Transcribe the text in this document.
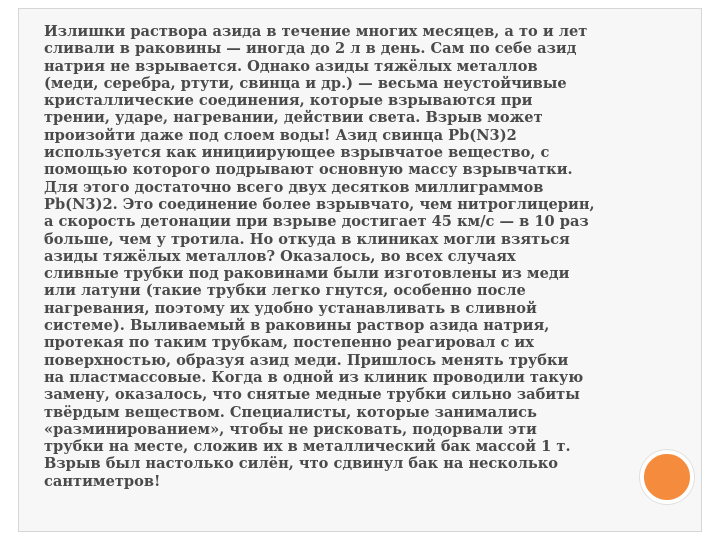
Излишки раствора азида в течение многих месяцев, а то и лет
сливали в раковины — иногда до 2 л в день. Сам по себе азид
натрия не взрывается. Однако азиды тяжёлых металлов
(меди, серебра, ртути, свинца и др.) — весьма неустойчивые
кристаллические соединения, которые взрываются при
трении, ударе, нагревании, действии света. Взрыв может
произойти даже под слоем воды! Азид свинца Pb(N3)2
используется как инициирующее взрывчатое вещество, с
помощью которого подрывают основную массу взрывчатки.
Для этого достаточно всего двух десятков миллиграммов
Pb(N3)2. Это соединение более взрывчато, чем нитроглицерин,
а скорость детонации при взрыве достигает 45 км/с — в 10 раз
больше, чем у тротила. Но откуда в клиниках могли взяться
азиды тяжёлых металлов? Оказалось, во всех случаях
сливные трубки под раковинами были изготовлены из меди
или латуни (такие трубки легко гнутся, особенно после
нагревания, поэтому их удобно устанавливать в сливной
системе). Выливаемый в раковины раствор азида натрия,
протекая по таким трубкам, постепенно реагировал с их
поверхностью, образуя азид меди. Пришлось менять трубки
на пластмассовые. Когда в одной из клиник проводили такую
замену, оказалось, что снятые медные трубки сильно забиты
твёрдым веществом. Специалисты, которые занимались
«разминированием», чтобы не рисковать, подорвали эти
трубки на месте, сложив их в металлический бак массой 1 т.
Взрыв был настолько силён, что сдвинул бак на несколько
сантиметров!
